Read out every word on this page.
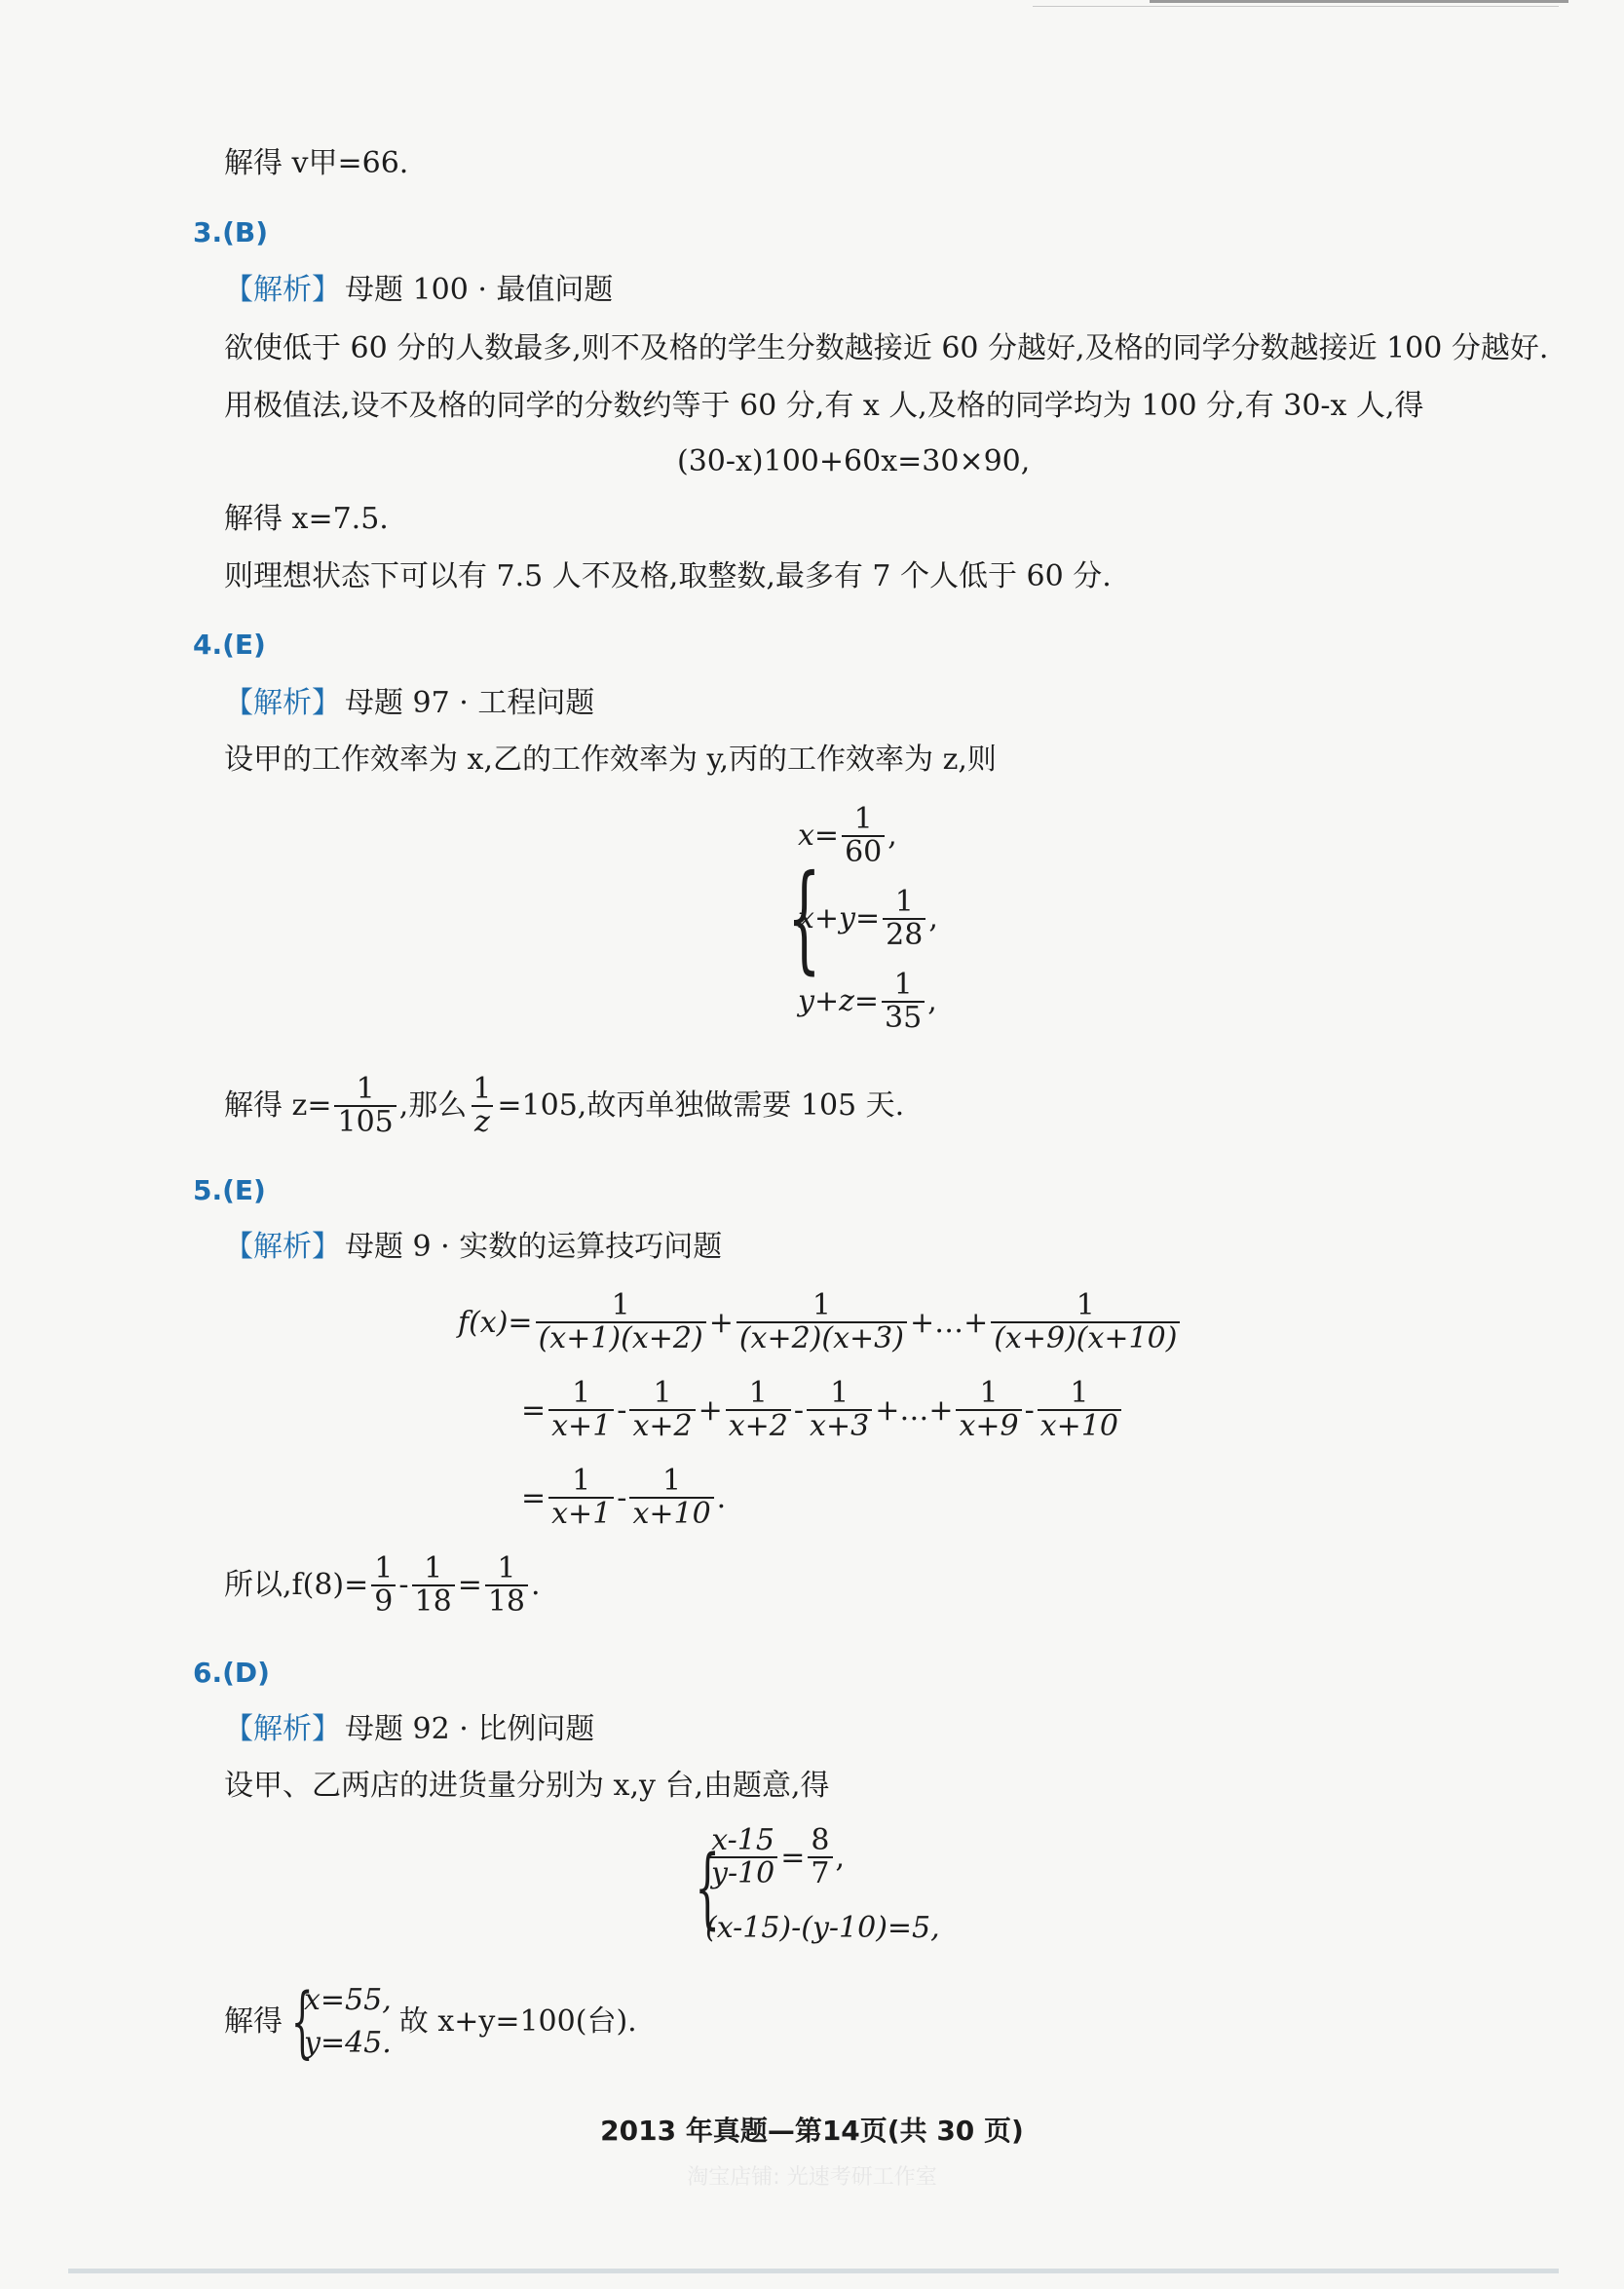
解得 v甲=66.
3.(B)
【解析】 母题 100 · 最值问题
欲使低于 60 分的人数最多,则不及格的学生分数越接近 60 分越好,及格的同学分数越接近 100 分越好.
用极值法,设不及格的同学的分数约等于 60 分,有 x 人,及格的同学均为 100 分,有 30-x 人,得
(30-x)100+60x=30×90,
解得 x=7.5.
则理想状态下可以有 7.5 人不及格,取整数,最多有 7 个人低于 60 分.
4.(E)
【解析】 母题 97 · 工程问题
设甲的工作效率为 x,乙的工作效率为 y,丙的工作效率为 z,则
{
$x= \frac{1}{60}$ ,
$x+y= \frac{1}{28}$ ,
$y+z= \frac{1}{35}$ ,
解得 $z= \frac{1}{105}$ ,那么 $\frac{1}{z} =105$,故丙单独做需要 105 天.
5.(E)
【解析】 母题 9 · 实数的运算技巧问题
$f(x)= \frac{1}{(x+1)(x+2)} + \frac{1}{(x+2)(x+3)}$ +…+ $\frac{1}{(x+9)(x+10)}$
= $\frac{1}{x+1} - \frac{1}{x+2} + \frac{1}{x+2} - \frac{1}{x+3}$ +…+ $\frac{1}{x+9} - \frac{1}{x+10}$
= $\frac{1}{x+1} - \frac{1}{x+10}$ .
所以$,f(8)= \frac{1}{9} - \frac{1}{18} = \frac{1}{18}$ .
6.(D)
【解析】 母题 92 · 比例问题
设甲、乙两店的进货量分别为 x,y 台,由题意,得
{
$\frac{x-15}{y-10} = \frac{8}{7}$ ,
(x-15)-(y-10)=5,
解得 {
x=55,
y=45.
故 x+y=100(台).
2013 年真题—第14页(共 30 页)
淘宝店铺: 光速考研工作室
